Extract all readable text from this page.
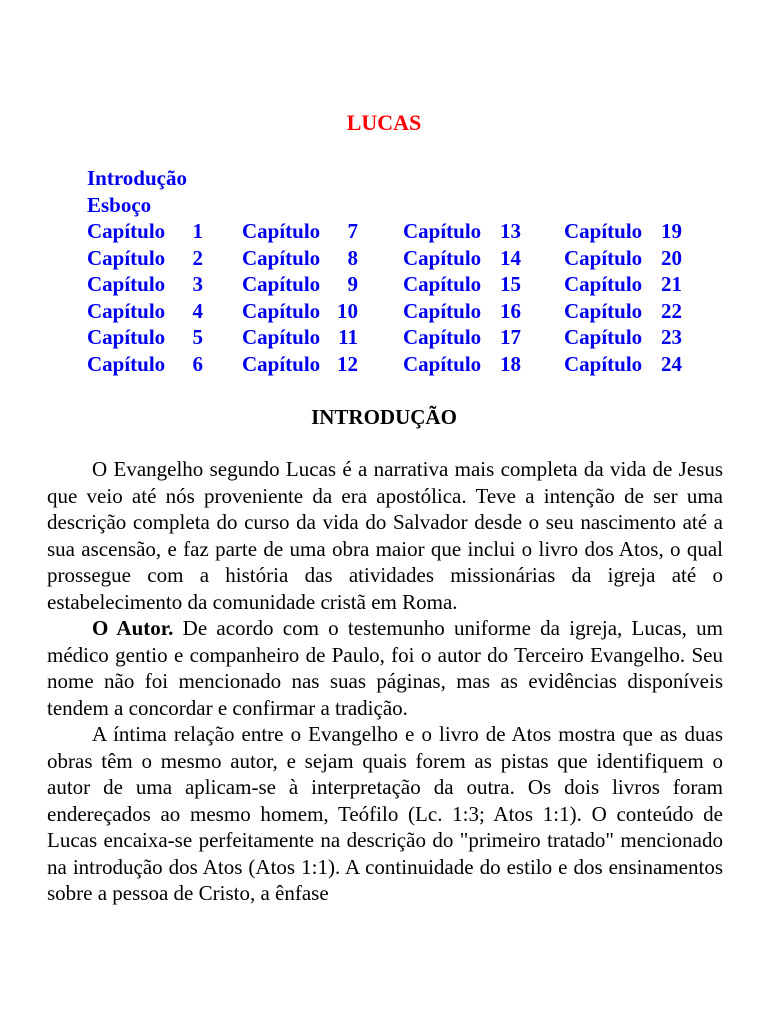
LUCAS
Introdução
Esboço
Capítulo 1 Capítulo 7 Capítulo 13 Capítulo 19
Capítulo 2 Capítulo 8 Capítulo 14 Capítulo 20
Capítulo 3 Capítulo 9 Capítulo 15 Capítulo 21
Capítulo 4 Capítulo 10 Capítulo 16 Capítulo 22
Capítulo 5 Capítulo 11 Capítulo 17 Capítulo 23
Capítulo 6 Capítulo 12 Capítulo 18 Capítulo 24
INTRODUÇÃO

O Evangelho segundo Lucas é a narrativa mais completa da vida de Jesus que veio até nós proveniente da era apostólica. Teve a intenção de ser uma descrição completa do curso da vida do Salvador desde o seu nascimento até a sua ascensão, e faz parte de uma obra maior que inclui o livro dos Atos, o qual prossegue com a história das atividades missionárias da igreja até o estabelecimento da comunidade cristã em Roma.

O Autor. De acordo com o testemunho uniforme da igreja, Lucas, um médico gentio e companheiro de Paulo, foi o autor do Terceiro Evangelho. Seu nome não foi mencionado nas suas páginas, mas as evidências disponíveis tendem a concordar e confirmar a tradição.

A íntima relação entre o Evangelho e o livro de Atos mostra que as duas obras têm o mesmo autor, e sejam quais forem as pistas que identifiquem o autor de uma aplicam-se à interpretação da outra. Os dois livros foram endereçados ao mesmo homem, Teófilo (Lc. 1:3; Atos 1:1). O conteúdo de Lucas encaixa-se perfeitamente na descrição do "primeiro tratado" mencionado na introdução dos Atos (Atos 1:1). A continuidade do estilo e dos ensinamentos sobre a pessoa de Cristo, a ênfase
